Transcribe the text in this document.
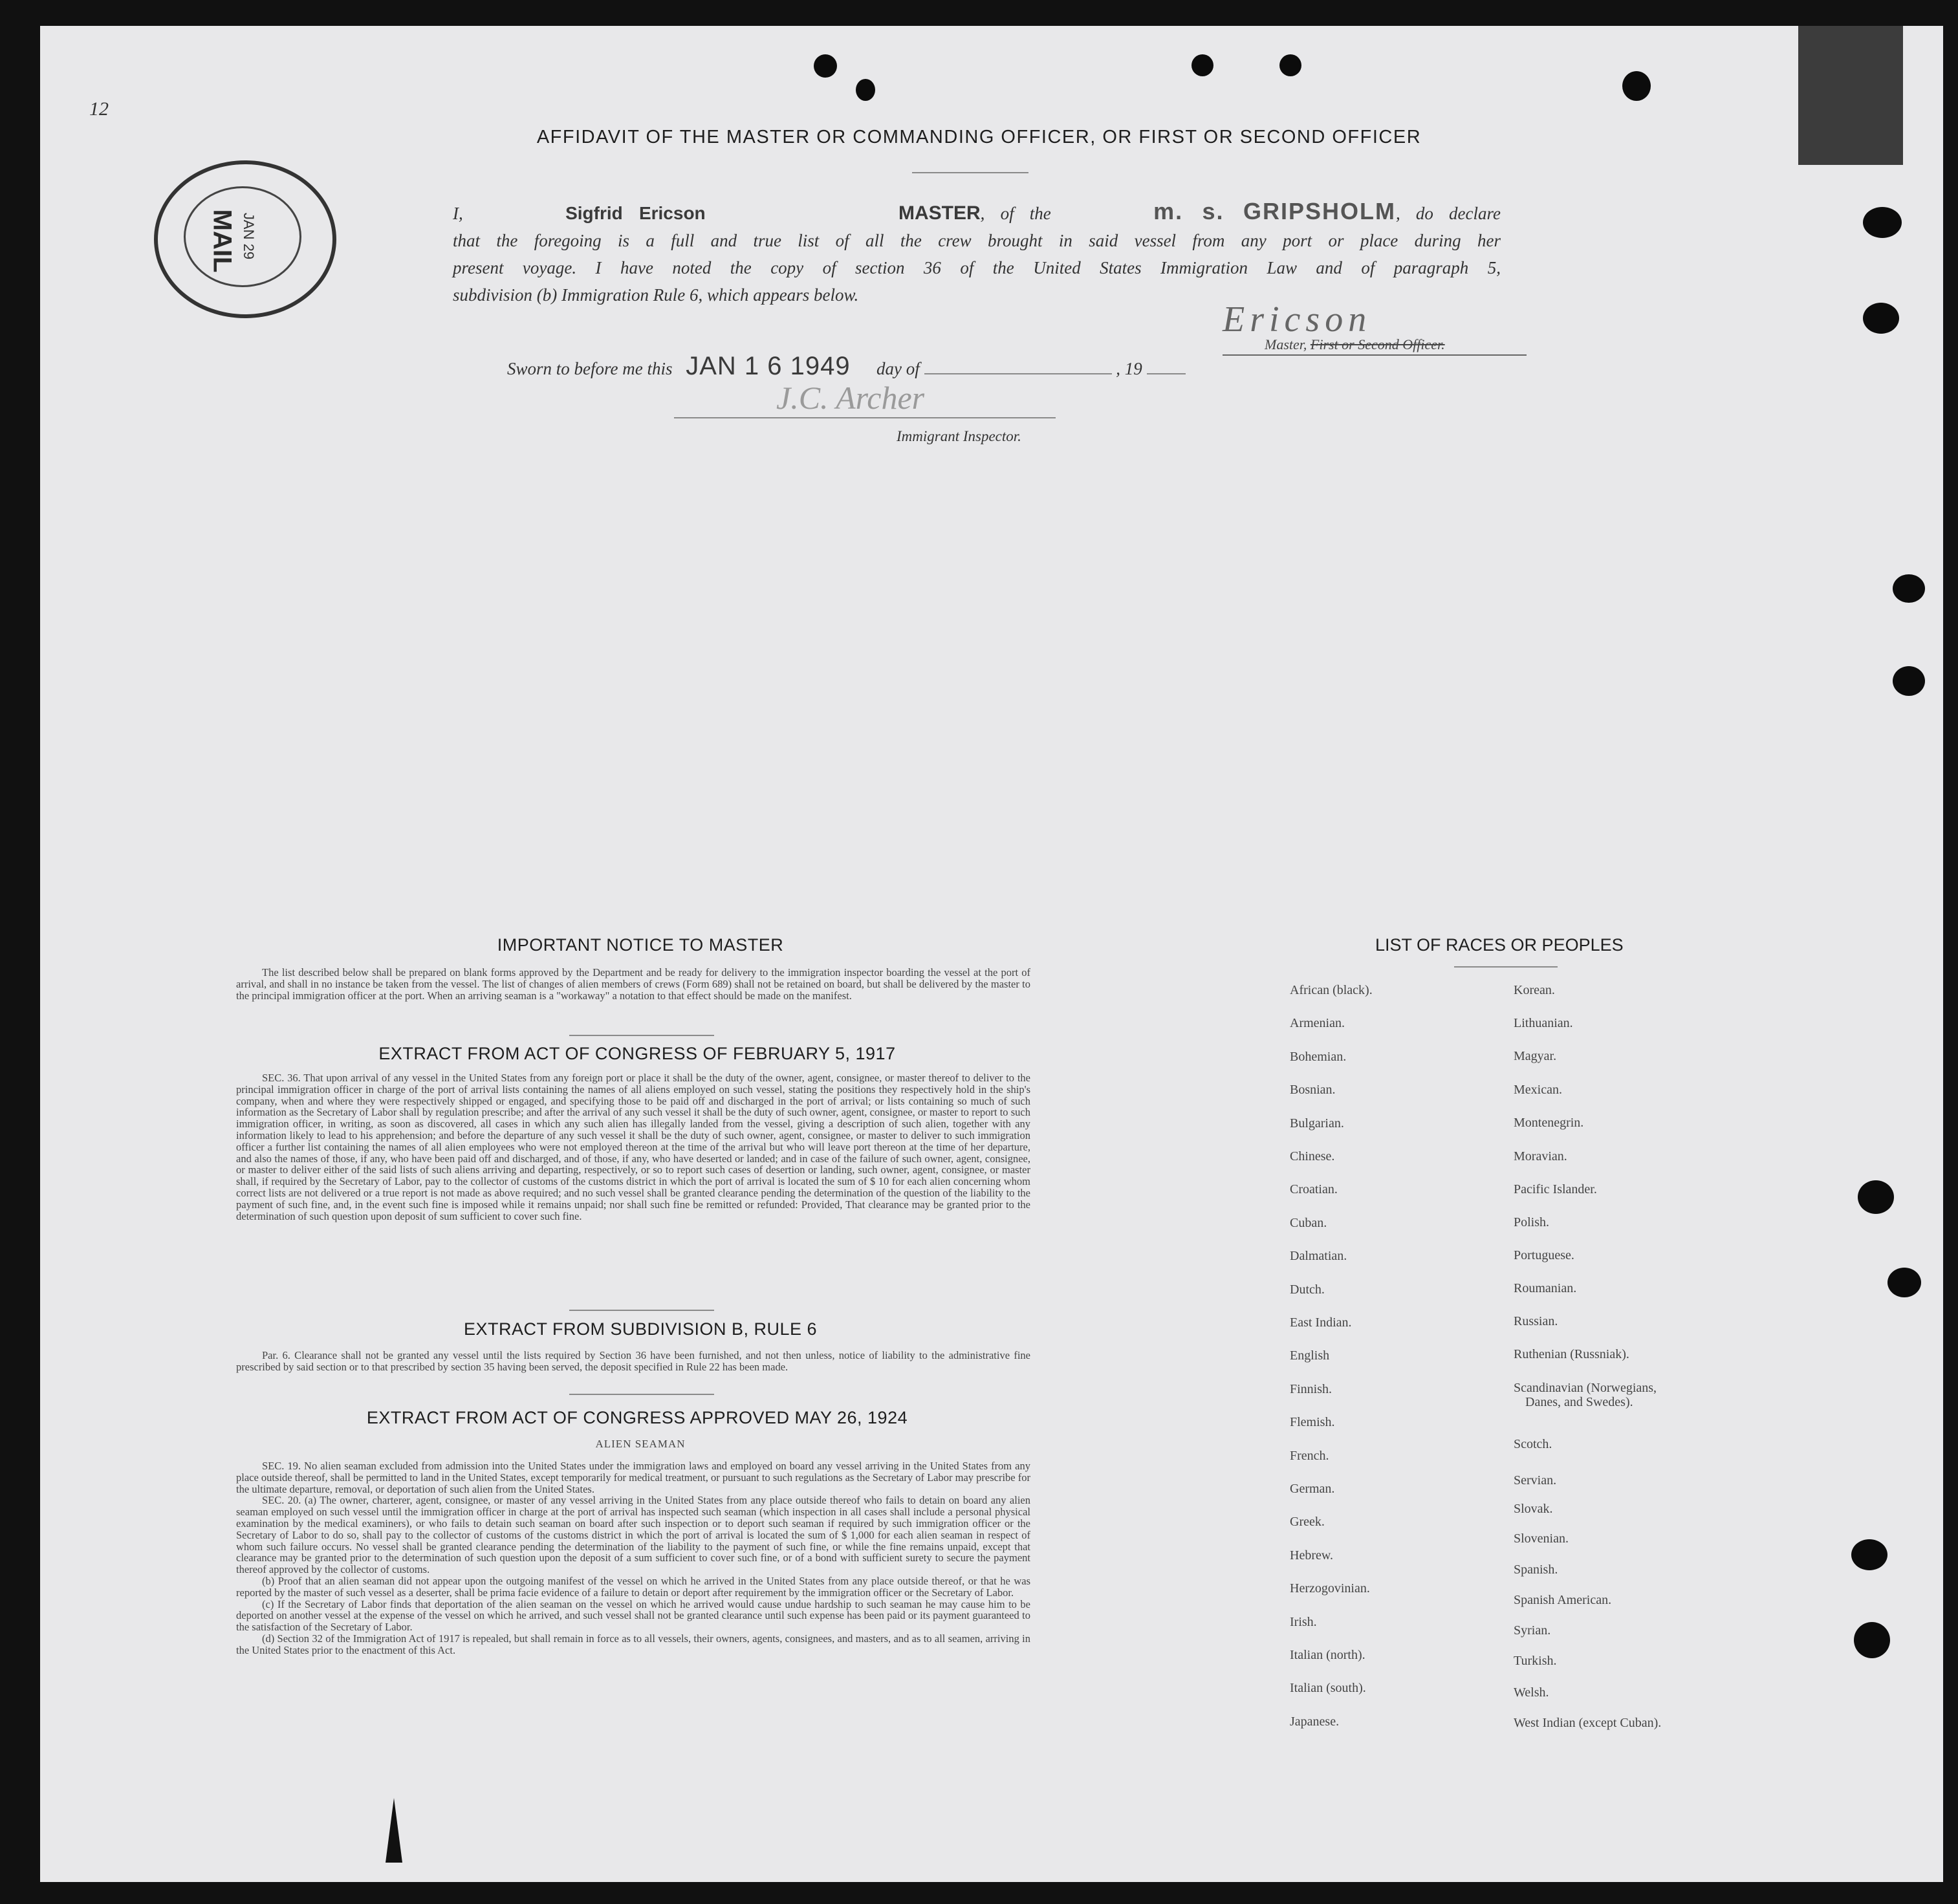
12
MAIL JAN 29
AFFIDAVIT OF THE MASTER OR COMMANDING OFFICER, OR FIRST OR SECOND OFFICER

I,	Sigfrid Ericson	MASTER, of the	m. s. GRIPSHOLM, do declare

that the foregoing is a full and true list of all the crew brought in said vessel from any port or place during her

present voyage. I have noted the copy of section 36 of the United States Immigration Law and of paragraph 5,

subdivision (b) Immigration Rule 6, which appears below.

Ericson
Master, First or Second Officer.
Sworn to before me this JAN 1 6 1949 day of	, 19
J.C. Archer
Immigrant Inspector.
IMPORTANT NOTICE TO MASTER
The list described below shall be prepared on blank forms approved by the Department and be ready for delivery to the immigration inspector boarding the vessel at the port of arrival, and shall in no instance be taken from the vessel. The list of changes of alien members of crews (Form 689) shall not be retained on board, but shall be delivered by the master to the principal immigration officer at the port. When an arriving seaman is a "workaway" a notation to that effect should be made on the manifest.
EXTRACT FROM ACT OF CONGRESS OF FEBRUARY 5, 1917
SEC. 36. That upon arrival of any vessel in the United States from any foreign port or place it shall be the duty of the owner, agent, consignee, or master thereof to deliver to the principal immigration officer in charge of the port of arrival lists containing the names of all aliens employed on such vessel, stating the positions they respectively hold in the ship's company, when and where they were respectively shipped or engaged, and specifying those to be paid off and discharged in the port of arrival; or lists containing so much of such information as the Secretary of Labor shall by regulation prescribe; and after the arrival of any such vessel it shall be the duty of such owner, agent, consignee, or master to report to such immigration officer, in writing, as soon as discovered, all cases in which any such alien has illegally landed from the vessel, giving a description of such alien, together with any information likely to lead to his apprehension; and before the departure of any such vessel it shall be the duty of such owner, agent, consignee, or master to deliver to such immigration officer a further list containing the names of all alien employees who were not employed thereon at the time of the arrival but who will leave port thereon at the time of her departure, and also the names of those, if any, who have been paid off and discharged, and of those, if any, who have deserted or landed; and in case of the failure of such owner, agent, consignee, or master to deliver either of the said lists of such aliens arriving and departing, respectively, or so to report such cases of desertion or landing, such owner, agent, consignee, or master shall, if required by the Secretary of Labor, pay to the collector of customs of the customs district in which the port of arrival is located the sum of $ 10 for each alien concerning whom correct lists are not delivered or a true report is not made as above required; and no such vessel shall be granted clearance pending the determination of the question of the liability to the payment of such fine, and, in the event such fine is imposed while it remains unpaid; nor shall such fine be remitted or refunded: Provided, That clearance may be granted prior to the determination of such question upon deposit of sum sufficient to cover such fine.
EXTRACT FROM SUBDIVISION B, RULE 6
Par. 6. Clearance shall not be granted any vessel until the lists required by Section 36 have been furnished, and not then unless, notice of liability to the administrative fine prescribed by said section or to that prescribed by section 35 having been served, the deposit specified in Rule 22 has been made.
EXTRACT FROM ACT OF CONGRESS APPROVED MAY 26, 1924
ALIEN SEAMAN

SEC. 19. No alien seaman excluded from admission into the United States under the immigration laws and employed on board any vessel arriving in the United States from any place outside thereof, shall be permitted to land in the United States, except temporarily for medical treatment, or pursuant to such regulations as the Secretary of Labor may prescribe for the ultimate departure, removal, or deportation of such alien from the United States.

SEC. 20. (a) The owner, charterer, agent, consignee, or master of any vessel arriving in the United States from any place outside thereof who fails to detain on board any alien seaman employed on such vessel until the immigration officer in charge at the port of arrival has inspected such seaman (which inspection in all cases shall include a personal physical examination by the medical examiners), or who fails to detain such seaman on board after such inspection or to deport such seaman if required by such immigration officer or the Secretary of Labor to do so, shall pay to the collector of customs of the customs district in which the port of arrival is located the sum of $ 1,000 for each alien seaman in respect of whom such failure occurs. No vessel shall be granted clearance pending the determination of the liability to the payment of such fine, or while the fine remains unpaid, except that clearance may be granted prior to the determination of such question upon the deposit of a sum sufficient to cover such fine, or of a bond with sufficient surety to secure the payment thereof approved by the collector of customs.

(b) Proof that an alien seaman did not appear upon the outgoing manifest of the vessel on which he arrived in the United States from any place outside thereof, or that he was reported by the master of such vessel as a deserter, shall be prima facie evidence of a failure to detain or deport after requirement by the immigration officer or the Secretary of Labor.

(c) If the Secretary of Labor finds that deportation of the alien seaman on the vessel on which he arrived would cause undue hardship to such seaman he may cause him to be deported on another vessel at the expense of the vessel on which he arrived, and such vessel shall not be granted clearance until such expense has been paid or its payment guaranteed to the satisfaction of the Secretary of Labor.

(d) Section 32 of the Immigration Act of 1917 is repealed, but shall remain in force as to all vessels, their owners, agents, consignees, and masters, and as to all seamen, arriving in the United States prior to the enactment of this Act.

LIST OF RACES OR PEOPLES
African (black).
Armenian.
Bohemian.
Bosnian.
Bulgarian.
Chinese.
Croatian.
Cuban.
Dalmatian.
Dutch.
East Indian.
English
Finnish.
Flemish.
French.
German.
Greek.
Hebrew.
Herzogovinian.
Irish.
Italian (north).
Italian (south).
Japanese.
Korean.
Lithuanian.
Magyar.
Mexican.
Montenegrin.
Moravian.
Pacific Islander.
Polish.
Portuguese.
Roumanian.
Russian.
Ruthenian (Russniak).
Scandinavian (Norwegians,
Danes, and Swedes).
Scotch.
Servian.
Slovak.
Slovenian.
Spanish.
Spanish American.
Syrian.
Turkish.
Welsh.
West Indian (except Cuban).
